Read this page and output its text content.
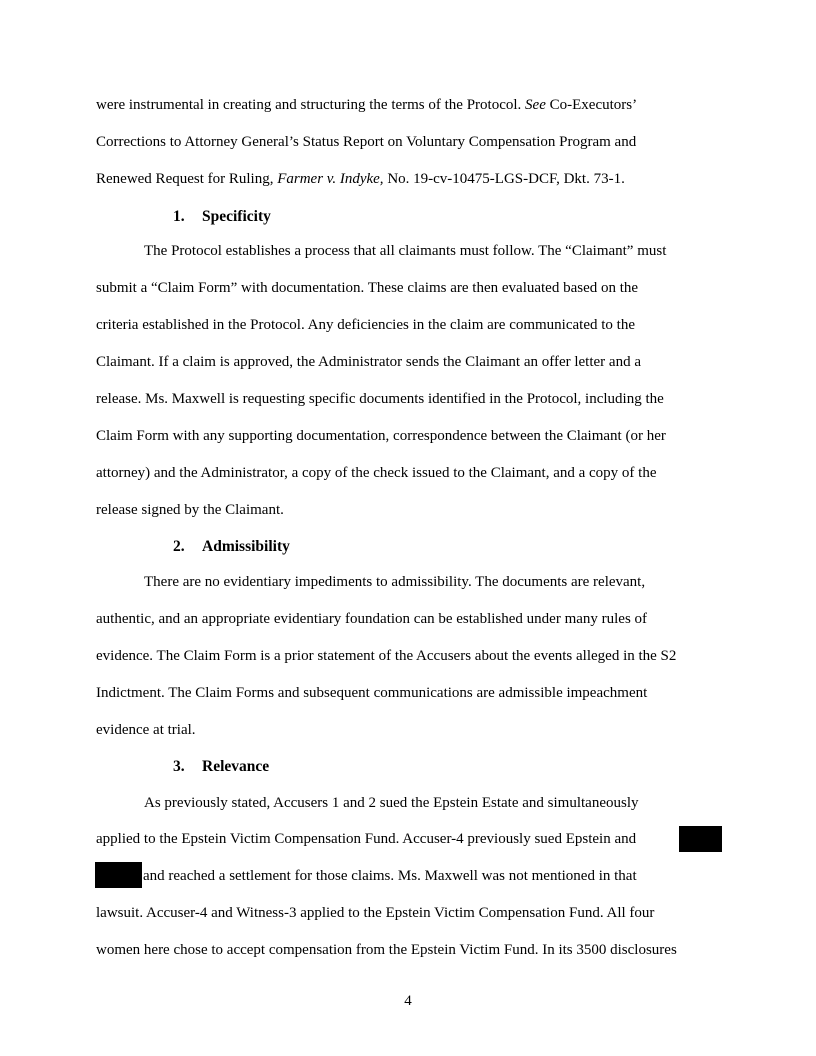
were instrumental in creating and structuring the terms of the Protocol. See Co-Executors’
Corrections to Attorney General’s Status Report on Voluntary Compensation Program and
Renewed Request for Ruling, Farmer v. Indyke, No. 19-cv-10475-LGS-DCF, Dkt. 73-1.
1. Specificity
The Protocol establishes a process that all claimants must follow. The “Claimant” must
submit a “Claim Form” with documentation. These claims are then evaluated based on the
criteria established in the Protocol. Any deficiencies in the claim are communicated to the
Claimant. If a claim is approved, the Administrator sends the Claimant an offer letter and a
release. Ms. Maxwell is requesting specific documents identified in the Protocol, including the
Claim Form with any supporting documentation, correspondence between the Claimant (or her
attorney) and the Administrator, a copy of the check issued to the Claimant, and a copy of the
release signed by the Claimant.
2. Admissibility
There are no evidentiary impediments to admissibility. The documents are relevant,
authentic, and an appropriate evidentiary foundation can be established under many rules of
evidence. The Claim Form is a prior statement of the Accusers about the events alleged in the S2
Indictment. The Claim Forms and subsequent communications are admissible impeachment
evidence at trial.
3. Relevance
As previously stated, Accusers 1 and 2 sued the Epstein Estate and simultaneously
applied to the Epstein Victim Compensation Fund. Accuser-4 previously sued Epstein and
and reached a settlement for those claims. Ms. Maxwell was not mentioned in that
lawsuit. Accuser-4 and Witness-3 applied to the Epstein Victim Compensation Fund. All four
women here chose to accept compensation from the Epstein Victim Fund. In its 3500 disclosures
4
